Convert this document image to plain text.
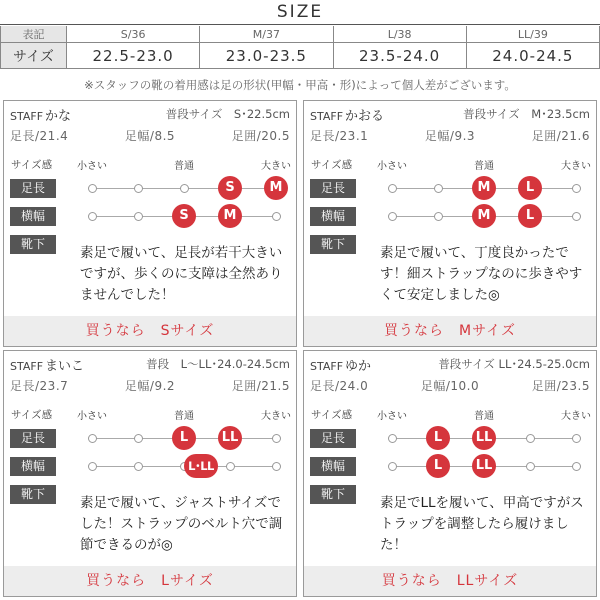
SIZE
表記	S/36	M/37	L/38	LL/39
サイズ	22.5-23.0	23.0-23.5	23.5-24.0	24.0-24.5
※スタッフの靴の着用感は足の形状(甲幅・甲高・形)によって個人差がございます。
STAFF かな	普段サイズ　S･22.5cm
足長/21.4	足幅/8.5	足囲/20.5
サイズ感	小さい	普通	大きい
足長	S	M
横幅	S	M
靴下
素足で履いて、足長が若干大きいですが、歩くのに支障は全然ありませんでした！
買うなら　Sサイズ
STAFF かおる	普段サイズ　M･23.5cm
足長/23.1	足幅/9.3	足囲/21.6
サイズ感	小さい	普通	大きい
足長	M	L
横幅	M	L
靴下
素足で履いて、丁度良かったです！細ストラップなのに歩きやすくて安定しました◎
買うなら　Mサイズ
STAFF まいこ	普段　L～LL･24.0-24.5cm
足長/23.7	足幅/9.2	足囲/21.5
サイズ感	小さい	普通	大きい
足長	L	LL
横幅	L･LL
靴下
素足で履いて、ジャストサイズでした！ストラップのベルト穴で調節できるのが◎
買うなら　Lサイズ
STAFF ゆか	普段サイズ LL･24.5-25.0cm
足長/24.0	足幅/10.0	足囲/23.5
サイズ感	小さい	普通	大きい
足長	L	LL
横幅	L	LL
靴下
素足でLLを履いて、甲高ですがストラップを調整したら履けました！
買うなら　LLサイズ
